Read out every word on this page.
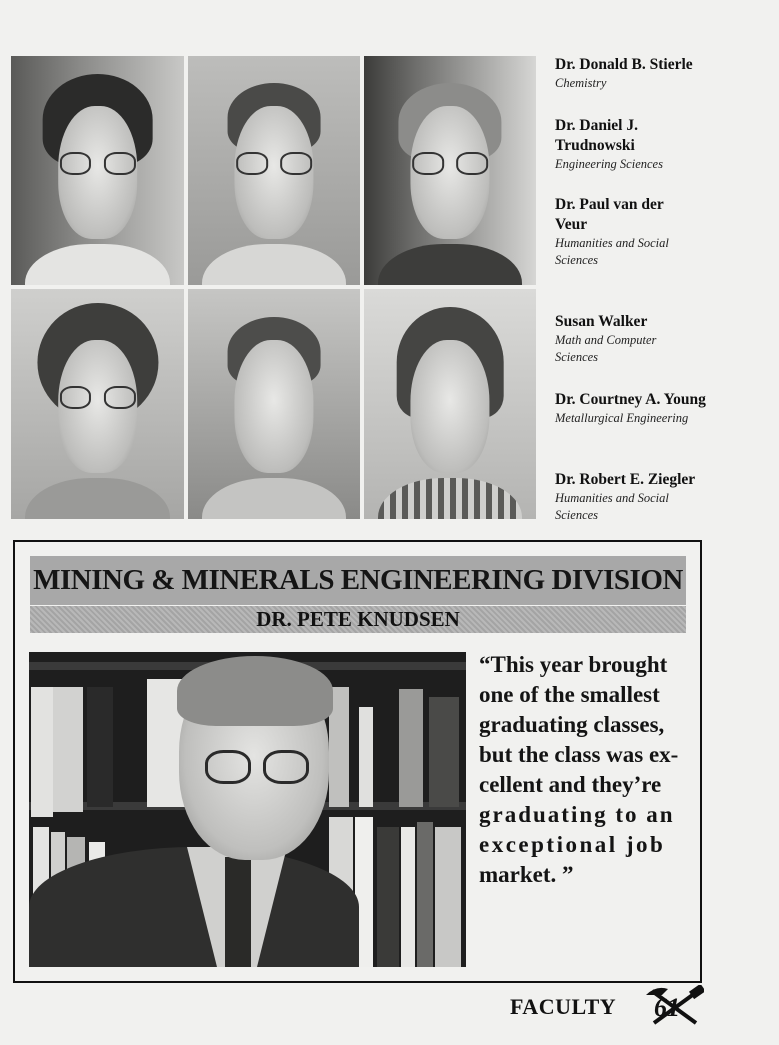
Dr. Donald B. Stierle
Chemistry
Dr. Daniel J. Trudnowski
Engineering Sciences
Dr. Paul van der Veur
Humanities and Social Sciences
Susan Walker
Math and Computer Sciences
Dr. Courtney A. Young
Metallurgical Engineering
Dr. Robert E. Ziegler
Humanities and Social Sciences
MINING & MINERALS ENGINEERING DIVISION
DR. PETE KNUDSEN

“This year brought

one of the smallest

graduating classes,

but the class was ex-

cellent and they’re

graduating to an

exceptional job

market. ”

FACULTY 61
